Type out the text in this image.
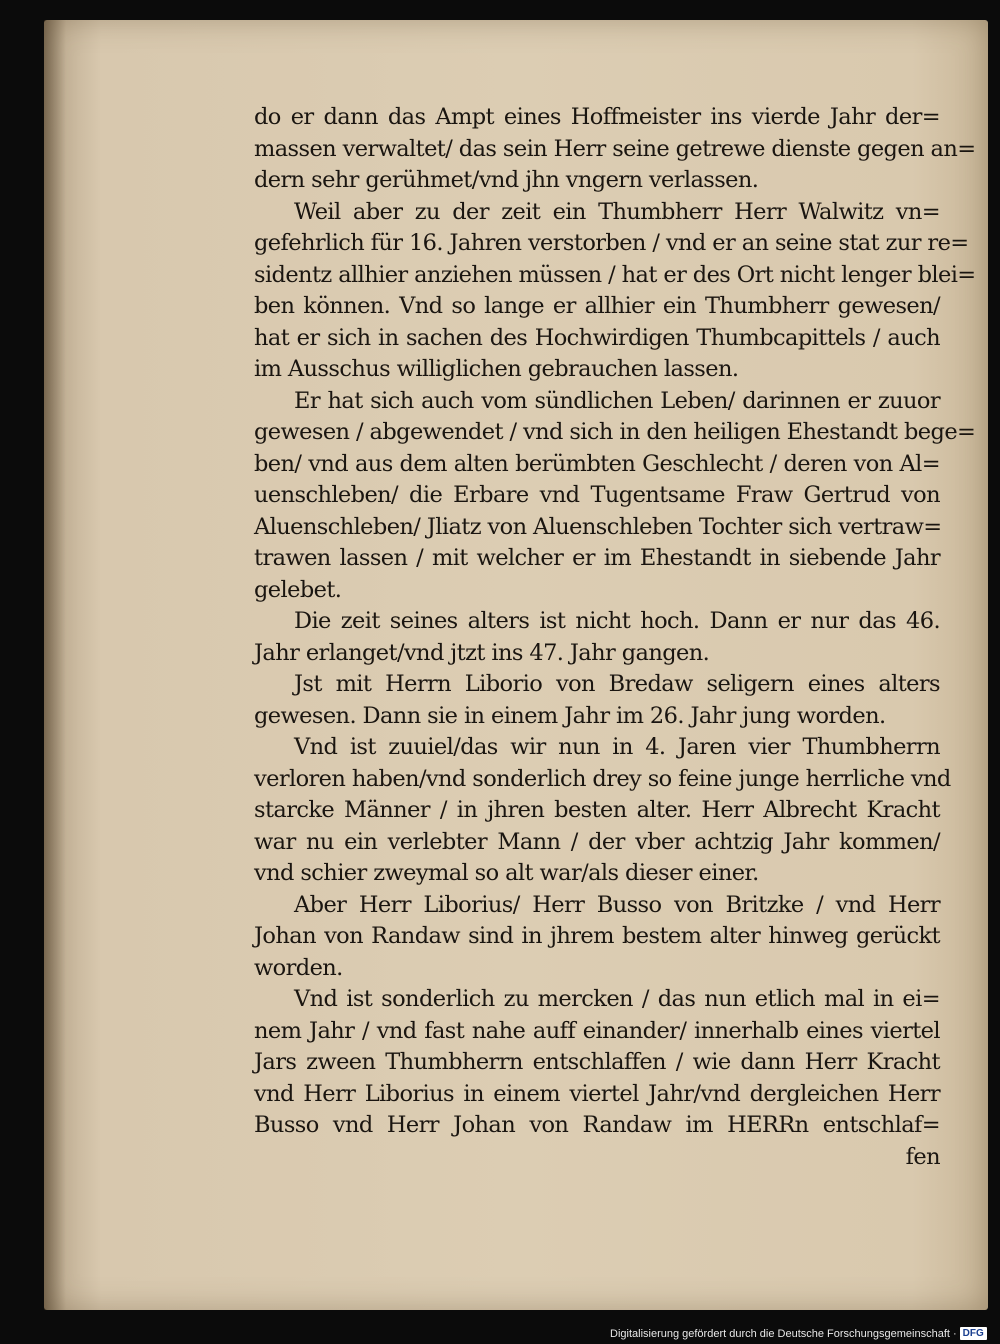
do er dann das Ampt eines Hoffmeister ins vierde Jahr der=
massen verwaltet/ das sein Herr seine getrewe dienste gegen an=
dern sehr gerühmet/vnd jhn vngern verlassen.
Weil aber zu der zeit ein Thumbherr Herr Walwitz vn=
gefehrlich für 16. Jahren verstorben / vnd er an seine stat zur re=
sidentz allhier anziehen müssen / hat er des Ort nicht lenger blei=
ben können. Vnd so lange er allhier ein Thumbherr gewesen/
hat er sich in sachen des Hochwirdigen Thumbcapittels / auch
im Ausschus williglichen gebrauchen lassen.
Er hat sich auch vom sündlichen Leben/ darinnen er zuuor
gewesen / abgewendet / vnd sich in den heiligen Ehestandt bege=
ben/ vnd aus dem alten berümbten Geschlecht / deren von Al=
uenschleben/ die Erbare vnd Tugentsame Fraw Gertrud von
Aluenschleben/ Jliatz von Aluenschleben Tochter sich vertraw=
trawen lassen / mit welcher er im Ehestandt in siebende Jahr
gelebet.
Die zeit seines alters ist nicht hoch. Dann er nur das 46.
Jahr erlanget/vnd jtzt ins 47. Jahr gangen.
Jst mit Herrn Liborio von Bredaw seligern eines alters
gewesen. Dann sie in einem Jahr im 26. Jahr jung worden.
Vnd ist zuuiel/das wir nun in 4. Jaren vier Thumbherrn
verloren haben/vnd sonderlich drey so feine junge herrliche vnd
starcke Männer / in jhren besten alter. Herr Albrecht Kracht
war nu ein verlebter Mann / der vber achtzig Jahr kommen/
vnd schier zweymal so alt war/als dieser einer.
Aber Herr Liborius/ Herr Busso von Britzke / vnd Herr
Johan von Randaw sind in jhrem bestem alter hinweg gerückt
worden.
Vnd ist sonderlich zu mercken / das nun etlich mal in ei=
nem Jahr / vnd fast nahe auff einander/ innerhalb eines viertel
Jars zween Thumbherrn entschlaffen / wie dann Herr Kracht
vnd Herr Liborius in einem viertel Jahr/vnd dergleichen Herr
Busso vnd Herr Johan von Randaw im HERRn entschlaf=
fen
Digitalisierung gefördert durch die Deutsche Forschungsgemeinschaft · DFG
